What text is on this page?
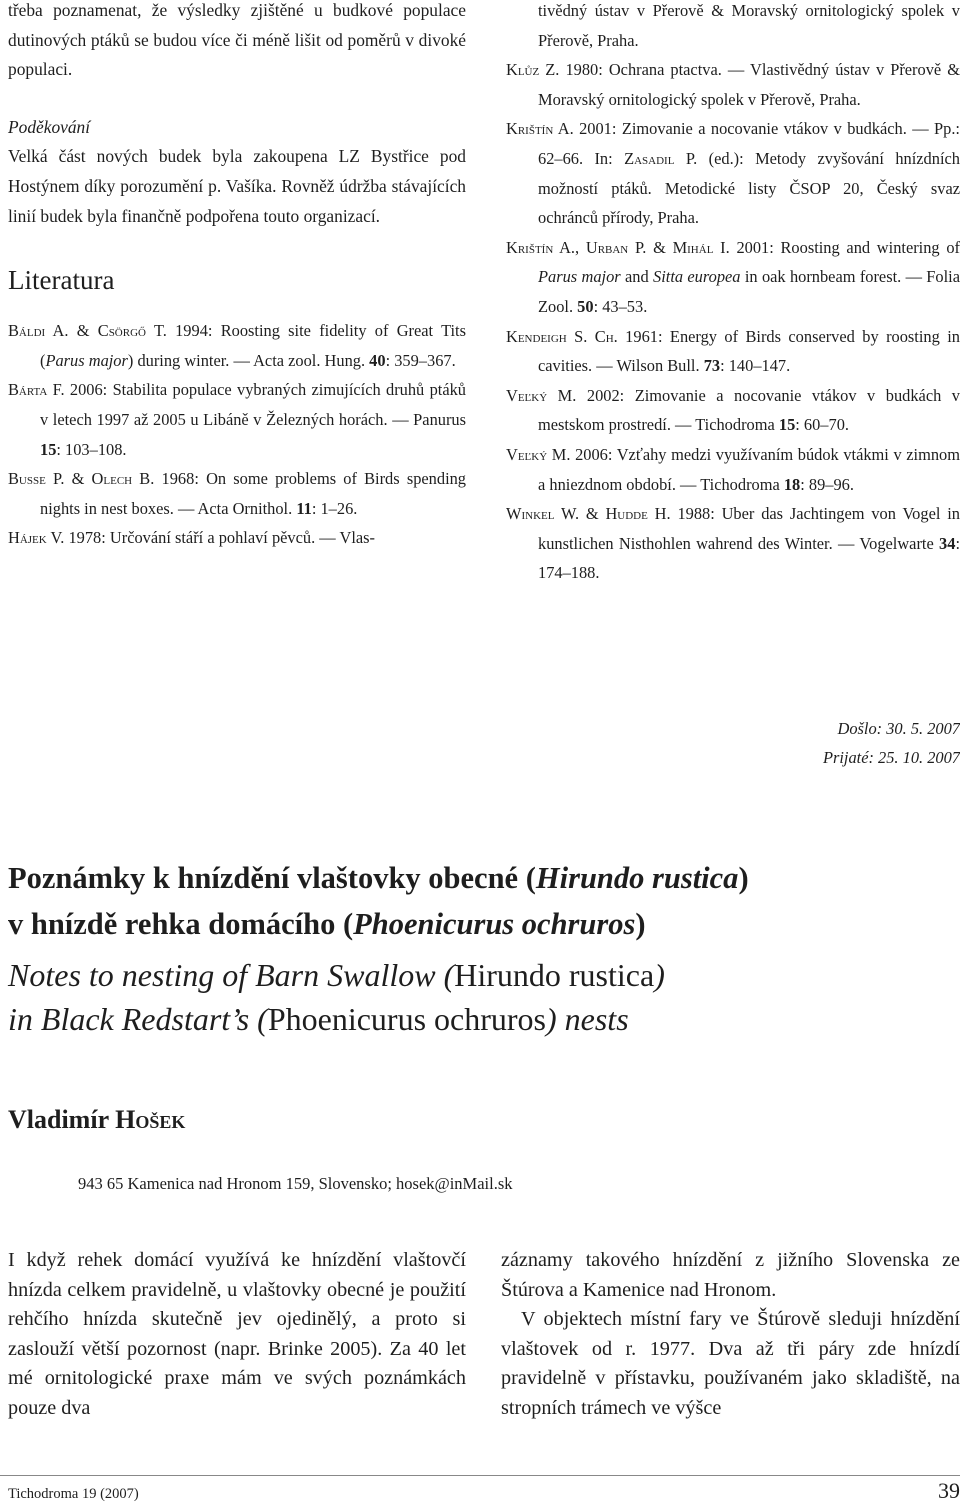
třeba poznamenat, že výsledky zjištěné u budkové populace dutinových ptáků se budou více či méně lišit od poměrů v divoké populaci.

Poděkování

Velká část nových budek byla zakoupena LZ Bystřice pod Hostýnem díky porozumění p. Vašíka. Rovněž údržba stávajících linií budek byla finančně podpořena touto organizací.

Literatura

Báldi A. & Csörgő T. 1994: Roosting site fidelity of Great Tits (Parus major) during winter. — Acta zool. Hung. 40: 359–367.

Bárta F. 2006: Stabilita populace vybraných zimujících druhů ptáků v letech 1997 až 2005 u Libáně v Železných horách. — Panurus 15: 103–108.

Busse P. & Olech B. 1968: On some problems of Birds spending nights in nest boxes. — Acta Ornithol. 11: 1–26.

Hájek V. 1978: Určování stáří a pohlaví pěvců. — Vlas-

tivědný ústav v Přerově & Moravský ornitologický spolek v Přerově, Praha.

Klůz Z. 1980: Ochrana ptactva. — Vlastivědný ústav v Přerově & Moravský ornitologický spolek v Přerově, Praha.

Krištín A. 2001: Zimovanie a nocovanie vtákov v budkách. — Pp.: 62–66. In: Zasadil P. (ed.): Metody zvyšování hnízdních možností ptáků. Metodické listy ČSOP 20, Český svaz ochránců přírody, Praha.

Krištín A., Urban P. & Mihál I. 2001: Roosting and wintering of Parus major and Sitta europea in oak hornbeam forest. — Folia Zool. 50: 43–53.

Kendeigh S. Ch. 1961: Energy of Birds conserved by roosting in cavities. — Wilson Bull. 73: 140–147.

Veľký M. 2002: Zimovanie a nocovanie vtákov v budkách v mestskom prostredí. — Tichodroma 15: 60–70.

Veľký M. 2006: Vzťahy medzi využívaním búdok vtákmi v zimnom a hniezdnom období. — Tichodroma 18: 89–96.

Winkel W. & Hudde H. 1988: Uber das Jachtingem von Vogel in kunstlichen Nisthohlen wahrend des Winter. — Vogelwarte 34: 174–188.

Došlo: 30. 5. 2007
Prijaté: 25. 10. 2007

Poznámky k hnízdění vlaštovky obecné (Hirundo rustica)
v hnízdě rehka domácího (Phoenicurus ochruros)

Notes to nesting of Barn Swallow (Hirundo rustica)
in Black Redstart’s (Phoenicurus ochruros) nests

Vladimír Hošek

943 65 Kamenica nad Hronom 159, Slovensko; hosek@inMail.sk

I když rehek domácí využívá ke hnízdění vlaštovčí hnízda celkem pravidelně, u vlaštovky obecné je použití rehčího hnízda skutečně jev ojedinělý, a proto si zaslouží větší pozornost (napr. Brinke 2005). Za 40 let mé ornitologické praxe mám ve svých poznámkách pouze dva

záznamy takového hnízdění z jižního Slovenska ze Štúrova a Kamenice nad Hronom.

V objektech místní fary ve Štúrově sleduji hnízdění vlaštovek od r. 1977. Dva až tři páry zde hnízdí pravidelně v přístavku, používaném jako skladiště, na stropních trámech ve výšce

Tichodroma 19 (2007)	39
